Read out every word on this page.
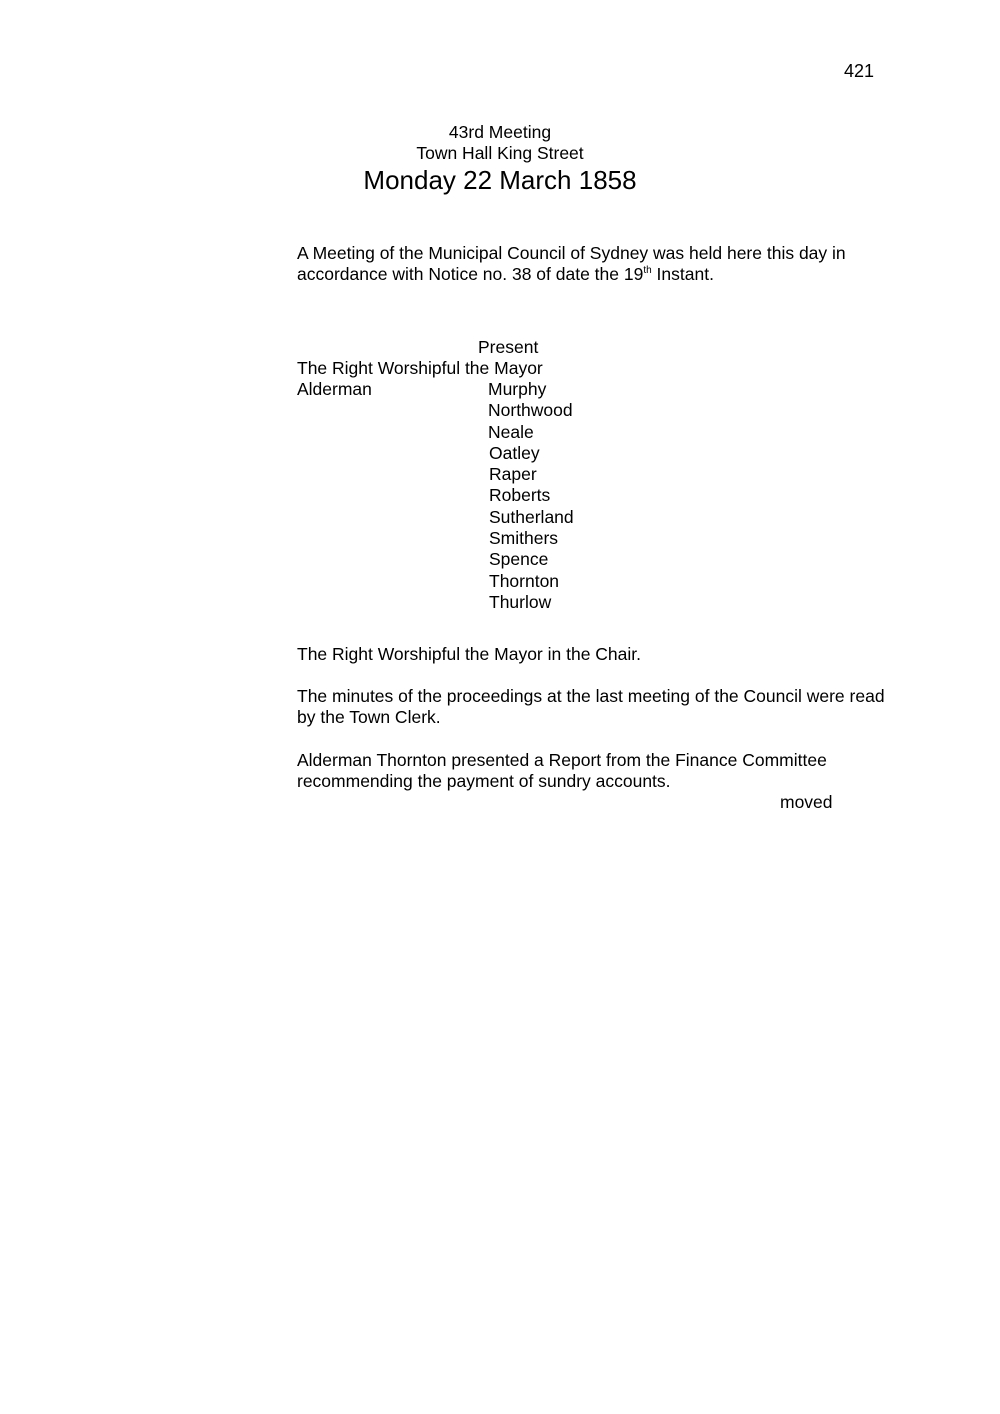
421
43rd Meeting
Town Hall King Street
Monday 22 March 1858
A Meeting of the Municipal Council of Sydney was held here this day in accordance with Notice no. 38 of date the 19th Instant.
Present
The Right Worshipful the Mayor
Alderman	Murphy
Northwood
Neale
Oatley
Raper
Roberts
Sutherland
Smithers
Spence
Thornton
Thurlow
The Right Worshipful the Mayor in the Chair.
The minutes of the proceedings at the last meeting of the Council were read by the Town Clerk.
Alderman Thornton presented a Report from the Finance Committee recommending the payment of sundry accounts.
moved
